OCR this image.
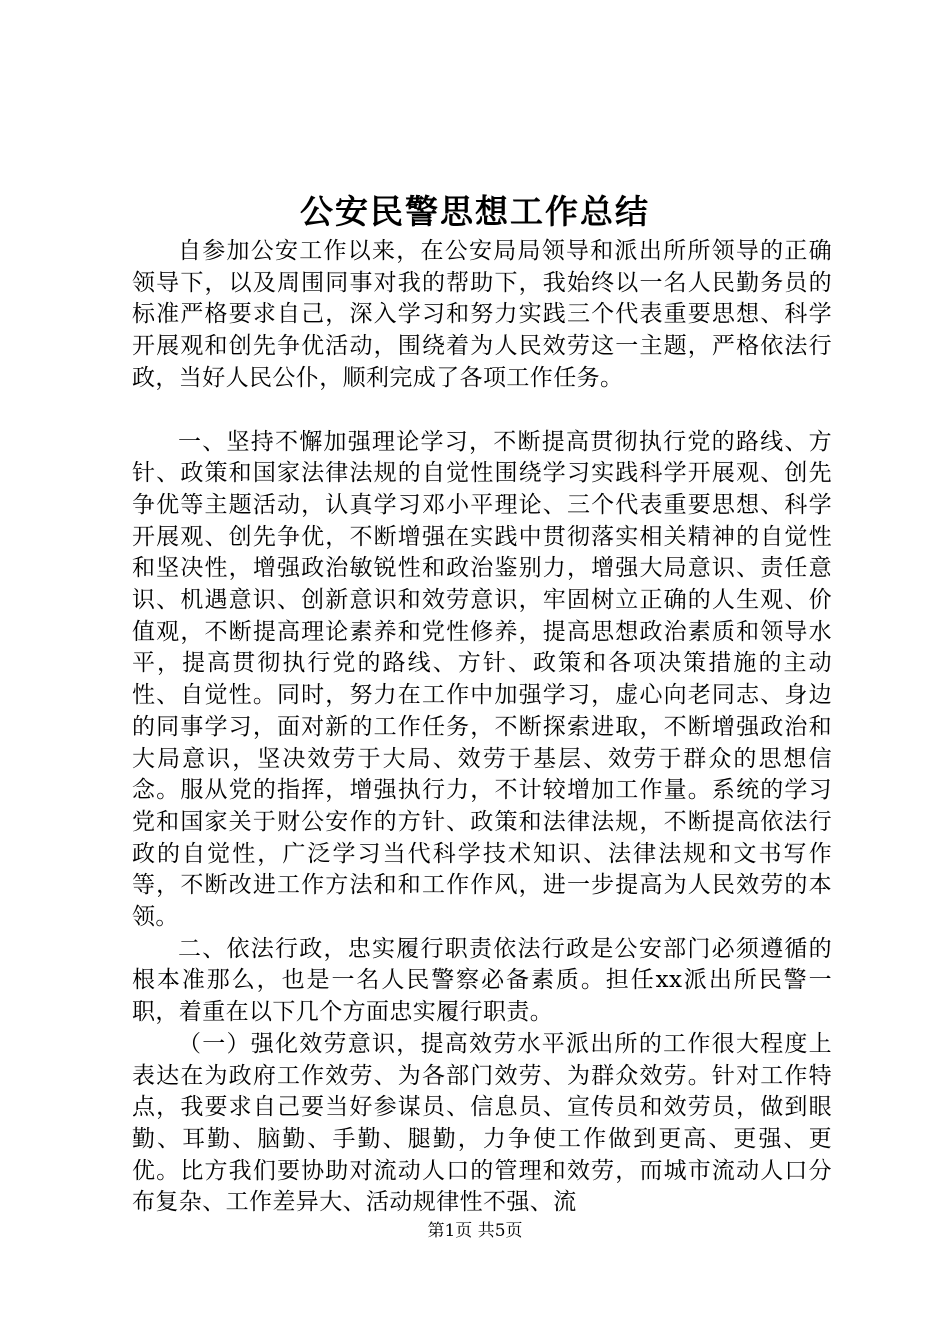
公安民警思想工作总结

自参加公安工作以来，在公安局局领导和派出所所领导的正确领导下，以及周围同事对我的帮助下，我始终以一名人民勤务员的标准严格要求自己，深入学习和努力实践三个代表重要思想、科学开展观和创先争优活动，围绕着为人民效劳这一主题，严格依法行政，当好人民公仆，顺利完成了各项工作任务。

一、坚持不懈加强理论学习，不断提高贯彻执行党的路线、方针、政策和国家法律法规的自觉性围绕学习实践科学开展观、创先争优等主题活动，认真学习邓小平理论、三个代表重要思想、科学开展观、创先争优，不断增强在实践中贯彻落实相关精神的自觉性和坚决性，增强政治敏锐性和政治鉴别力，增强大局意识、责任意识、机遇意识、创新意识和效劳意识，牢固树立正确的人生观、价值观，不断提高理论素养和党性修养，提高思想政治素质和领导水平，提高贯彻执行党的路线、方针、政策和各项决策措施的主动性、自觉性。同时，努力在工作中加强学习，虚心向老同志、身边的同事学习，面对新的工作任务，不断探索进取，不断增强政治和大局意识，坚决效劳于大局、效劳于基层、效劳于群众的思想信念。服从党的指挥，增强执行力，不计较增加工作量。系统的学习党和国家关于财公安作的方针、政策和法律法规，不断提高依法行政的自觉性，广泛学习当代科学技术知识、法律法规和文书写作等，不断改进工作方法和和工作作风，进一步提高为人民效劳的本领。

二、依法行政，忠实履行职责依法行政是公安部门必须遵循的根本准那么，也是一名人民警察必备素质。担任xx派出所民警一职，着重在以下几个方面忠实履行职责。

（一）强化效劳意识，提高效劳水平派出所的工作很大程度上表达在为政府工作效劳、为各部门效劳、为群众效劳。针对工作特点，我要求自己要当好参谋员、信息员、宣传员和效劳员，做到眼勤、耳勤、脑勤、手勤、腿勤，力争使工作做到更高、更强、更优。比方我们要协助对流动人口的管理和效劳，而城市流动人口分布复杂、工作差异大、活动规律性不强、流

第1页 共5页
